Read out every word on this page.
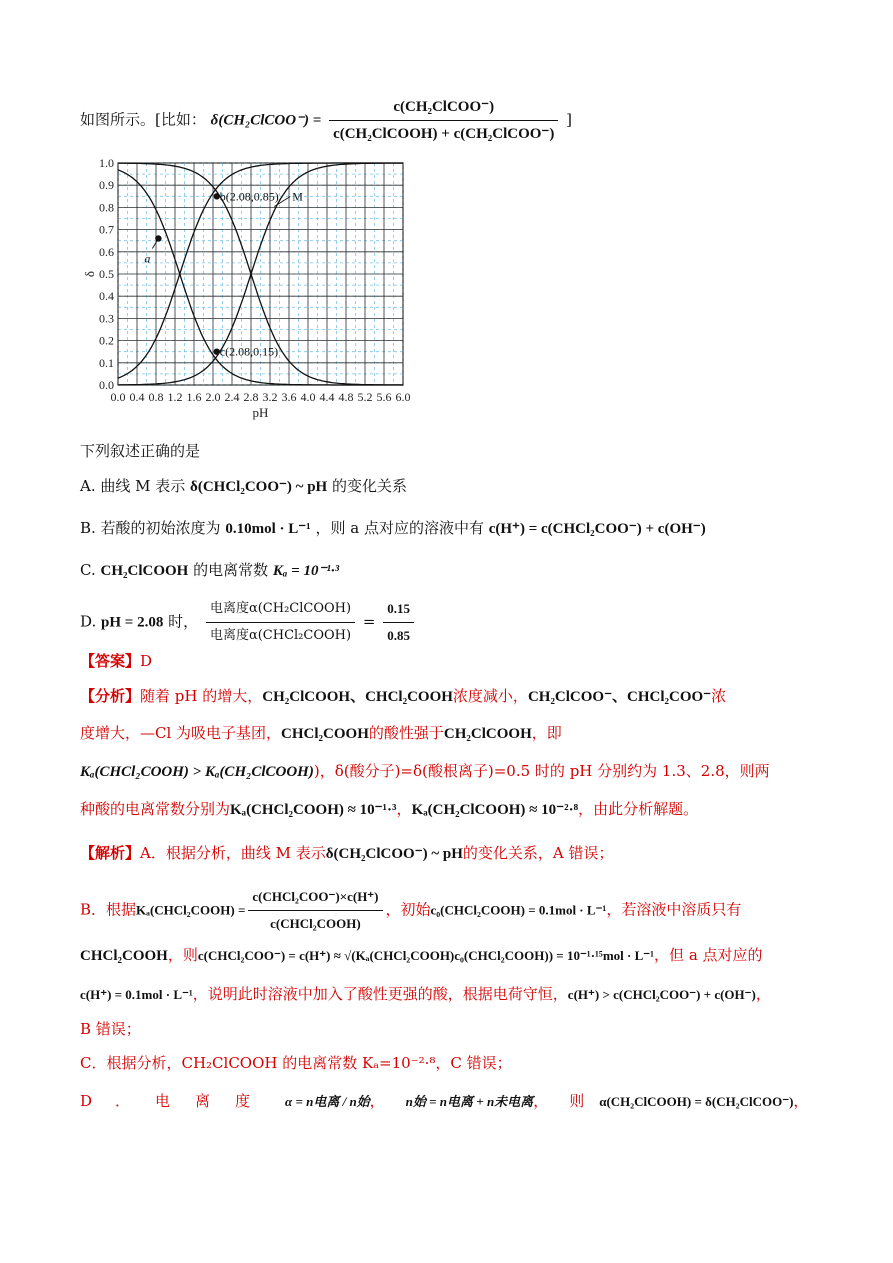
如图所示。[比如： δ(CH₂ClCOO⁻) = $\frac{\text{c(CH₂ClCOO⁻)}}{\text{c(CH₂ClCOOH) + c(CH₂ClCOO⁻)}}$ ]
0.0 0.4 0.8 1.2 1.6 2.0 2.4 2.8 3.2 3.6 4.0 4.4 4.8 5.2 5.6 6.0
0.0
0.1
0.2
0.3
0.4
0.5
0.6
0.7
0.8
0.9
1.0
pH
δ
a
b(2.08,0.85)
c(2.08,0.15)
M
下列叙述正确的是
A. 曲线 M 表示 δ(CHCl₂COO⁻) ~ pH 的变化关系
B. 若酸的初始浓度为 0.10mol · L⁻¹ ，则 a 点对应的溶液中有 c(H⁺) = c(CHCl₂COO⁻) + c(OH⁻)
C. CH₂ClCOOH 的电离常数 Kₐ = 10⁻¹·³
D. pH = 2.08 时， $\frac{\text{电离度α(CH₂ClCOOH)}}{\text{电离度α(CHCl₂COOH)}} = \frac{0.15}{0.85}$
【答案】D
【分析】随着 pH 的增大，CH₂ClCOOH、CHCl₂COOH浓度减小，CH₂ClCOO⁻、CHCl₂COO⁻浓
度增大，—Cl 为吸电子基团，CHCl₂COOH的酸性强于CH₂ClCOOH，即
Kₐ(CHCl₂COOH) > Kₐ(CH₂ClCOOH))，δ(酸分子)=δ(酸根离子)=0.5 时的 pH 分别约为 1.3、2.8，则两
种酸的电离常数分别为Kₐ(CHCl₂COOH) ≈ 10⁻¹·³，Kₐ(CH₂ClCOOH) ≈ 10⁻²·⁸，由此分析解题。
【解析】A．根据分析，曲线 M 表示δ(CH₂ClCOO⁻) ~ pH的变化关系，A 错误；
B．根据Kₐ(CHCl₂COOH) = $\frac{\text{c(CHCl₂COO⁻)×c(H⁺)}}{\text{c(CHCl₂COOH)}}$ ，初始c₀(CHCl₂COOH) = 0.1mol · L⁻¹，若溶液中溶质只有
CHCl₂COOH，则c(CHCl₂COO⁻) = c(H⁺) ≈ √(Kₐ(CHCl₂COOH)c₀(CHCl₂COOH)) = 10⁻¹·¹⁵mol · L⁻¹，但 a 点对应的
c(H⁺) = 0.1mol · L⁻¹，说明此时溶液中加入了酸性更强的酸，根据电荷守恒，c(H⁺) > c(CHCl₂COO⁻) + c(OH⁻)，
B 错误；
C．根据分析，CH₂ClCOOH 的电离常数 Kₐ=10⁻²·⁸，C 错误；
D ． 电 离 度	α = n电离 / n始， n始 = n电离 + n未电离， 则 α(CH₂ClCOOH) = δ(CH₂ClCOO⁻)，
